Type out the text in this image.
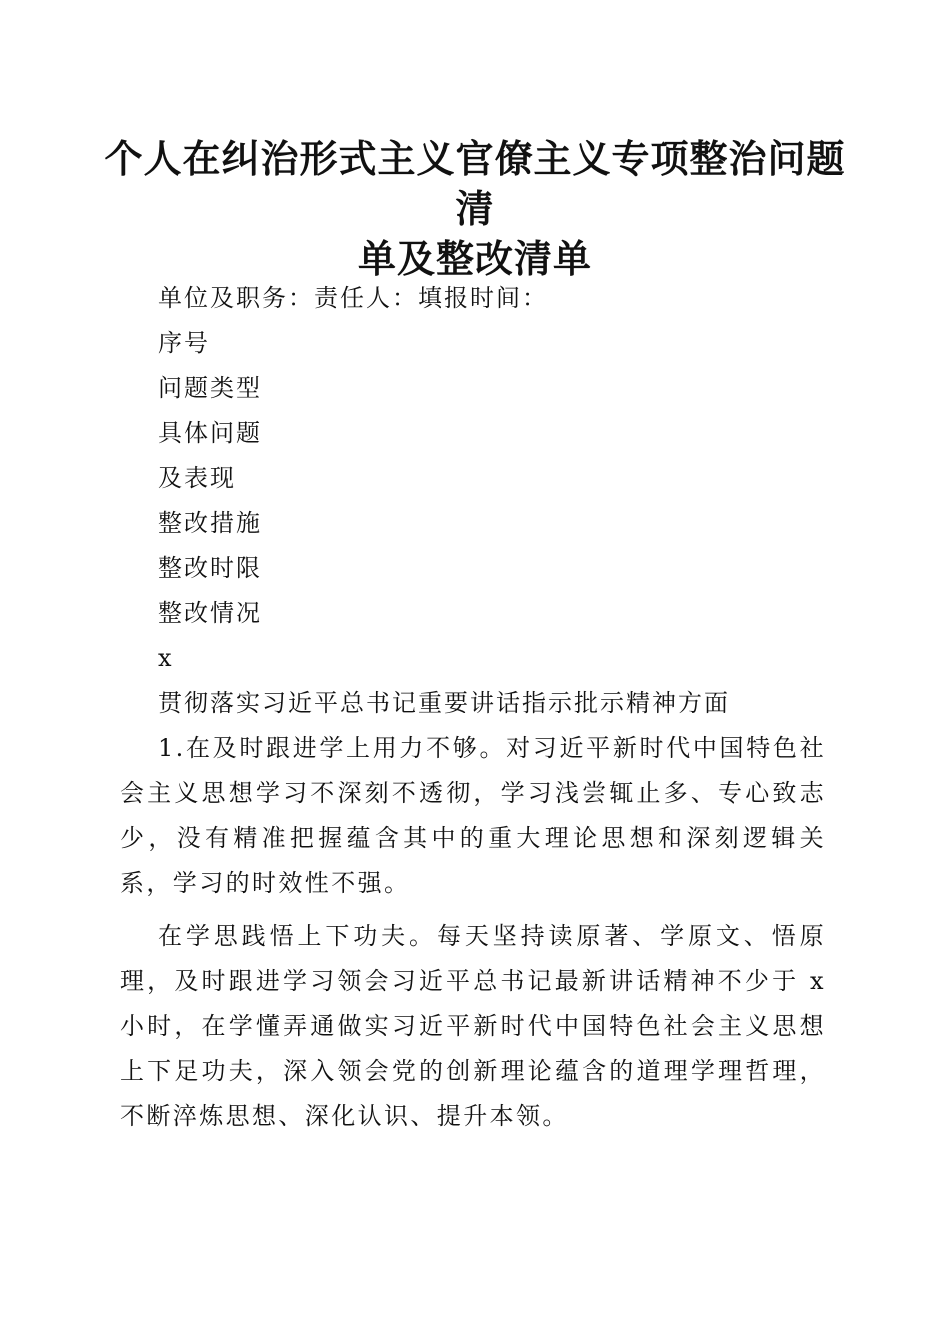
个人在纠治形式主义官僚主义专项整治问题清
单及整改清单
单位及职务：责任人：填报时间：
序号
问题类型
具体问题
及表现
整改措施
整改时限
整改情况
x
贯彻落实习近平总书记重要讲话指示批示精神方面
1.在及时跟进学上用力不够。对习近平新时代中国特色社会主义思想学习不深刻不透彻，学习浅尝辄止多、专心致志少，没有精准把握蕴含其中的重大理论思想和深刻逻辑关系，学习的时效性不强。
在学思践悟上下功夫。每天坚持读原著、学原文、悟原理，及时跟进学习领会习近平总书记最新讲话精神不少于 x 小时，在学懂弄通做实习近平新时代中国特色社会主义思想上下足功夫，深入领会党的创新理论蕴含的道理学理哲理，不断淬炼思想、深化认识、提升本领。
